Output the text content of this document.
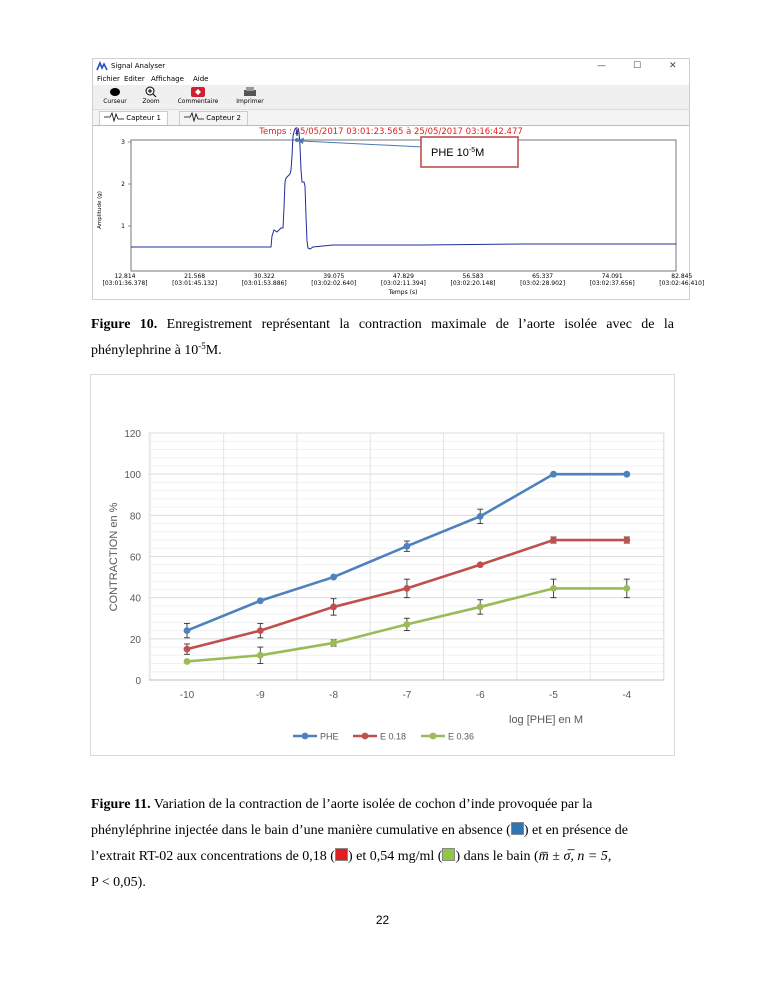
Signal Analyser	—	☐	✕
Fichier Editer Affichage Aide
Curseur	Zoom	Commentaire	Imprimer
Capteur 1	Capteur 2
Temps : 25/05/2017 03:01:23.565 à 25/05/2017 03:16:42.477
Amplitude (g)
3
2
1
12.814
[03:01:36.378]
21.568
[03:01:45.132]
30.322
[03:01:53.886]
39.075
[03:02:02.640]
47.829
[03:02:11.394]
56.583
[03:02:20.148]
65.337
[03:02:28.902]
74.091
[03:02:37.656]
82.845
[03:02:46.410]
Temps (s)
PHE $10^{-5}M$
Figure 10. Enregistrement représentant la contraction maximale de l’aorte isolée avec de la phénylephrine à $10^{-5}M$.
0
20
40
60
80
100
120
-10	-9	-8	-7	-6	-5	-4
log [PHE] en M
CONTRACTION en %
PHE	E 0.18	E 0.36
Figure 11. Variation de la contraction de l’aorte isolée de cochon d’inde provoquée par la
phényléphrine injectée dans le bain d’une manière cumulative en absence ( ) et en présence de
l’extrait RT-02 aux concentrations de 0,18 ( ) et 0,54 mg/ml ( ) dans le bain (m̅ ± σ̅, n = 5,
P < 0,05).
22
